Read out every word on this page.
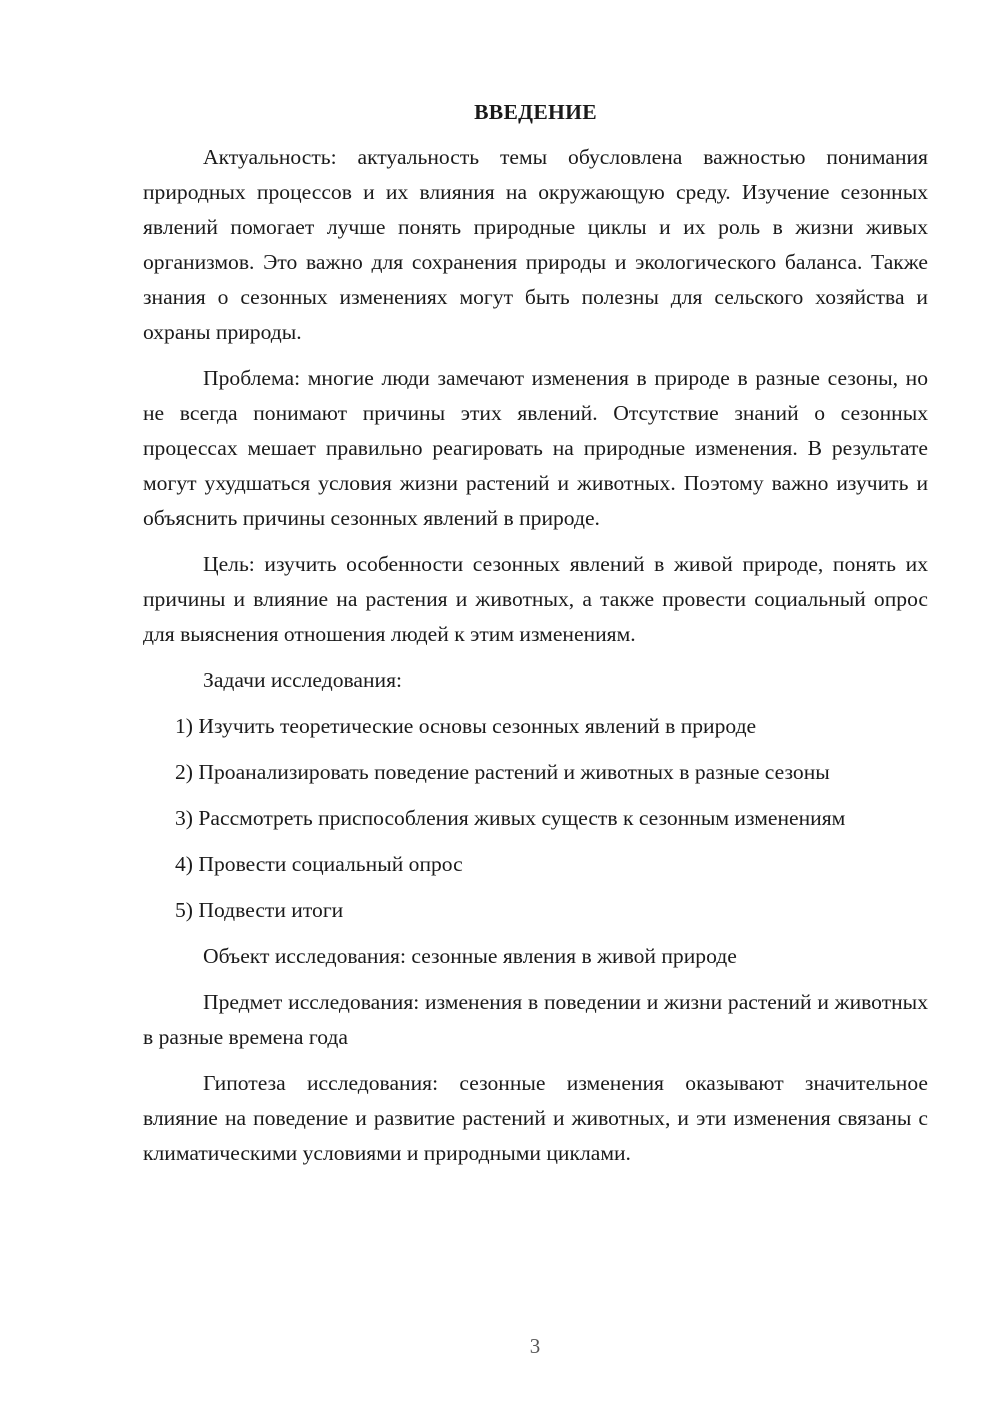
ВВЕДЕНИЕ

Актуальность: актуальность темы обусловлена важностью понимания природных процессов и их влияния на окружающую среду. Изучение сезонных явлений помогает лучше понять природные циклы и их роль в жизни живых организмов. Это важно для сохранения природы и экологического баланса. Также знания о сезонных изменениях могут быть полезны для сельского хозяйства и охраны природы.

Проблема: многие люди замечают изменения в природе в разные сезоны, но не всегда понимают причины этих явлений. Отсутствие знаний о сезонных процессах мешает правильно реагировать на природные изменения. В результате могут ухудшаться условия жизни растений и животных. Поэтому важно изучить и объяснить причины сезонных явлений в природе.

Цель: изучить особенности сезонных явлений в живой природе, понять их причины и влияние на растения и животных, а также провести социальный опрос для выяснения отношения людей к этим изменениям.

Задачи исследования:

1) Изучить теоретические основы сезонных явлений в природе

2) Проанализировать поведение растений и животных в разные сезоны

3) Рассмотреть приспособления живых существ к сезонным изменениям

4) Провести социальный опрос

5) Подвести итоги

Объект исследования: сезонные явления в живой природе

Предмет исследования: изменения в поведении и жизни растений и животных в разные времена года

Гипотеза исследования: сезонные изменения оказывают значительное влияние на поведение и развитие растений и животных, и эти изменения связаны с климатическими условиями и природными циклами.

3
